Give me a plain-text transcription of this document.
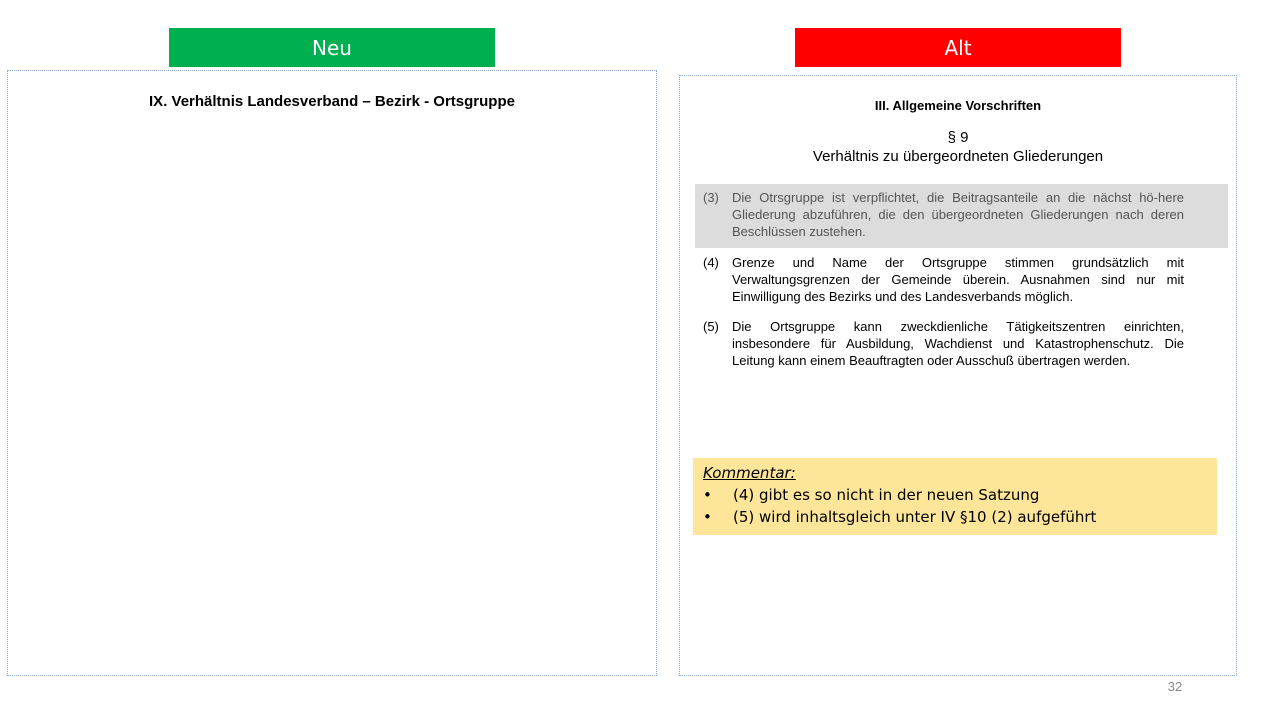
Neu	Alt
IX. Verhältnis Landesverband – Bezirk - Ortsgruppe	III. Allgemeine Vorschriften
§ 9
Verhältnis zu übergeordneten Gliederungen
(3)	Die Otrsgruppe ist verpflichtet, die Beitragsanteile an die nächst hö-here Gliederung abzuführen, die den übergeordneten Gliederungen nach deren Beschlüssen zustehen.
(4)	Grenze und Name der Ortsgruppe stimmen grundsätzlich mit Verwaltungsgrenzen der Gemeinde überein. Ausnahmen sind nur mit Einwilligung des Bezirks und des Landesverbands möglich.
(5)	Die Ortsgruppe kann zweckdienliche Tätigkeitszentren einrichten, insbesondere für Ausbildung, Wachdienst und Katastrophenschutz. Die Leitung kann einem Beauftragten oder Ausschuß übertragen werden.
Kommentar:
•	(4) gibt es so nicht in der neuen Satzung
•	(5) wird inhaltsgleich unter IV §10 (2) aufgeführt
32
